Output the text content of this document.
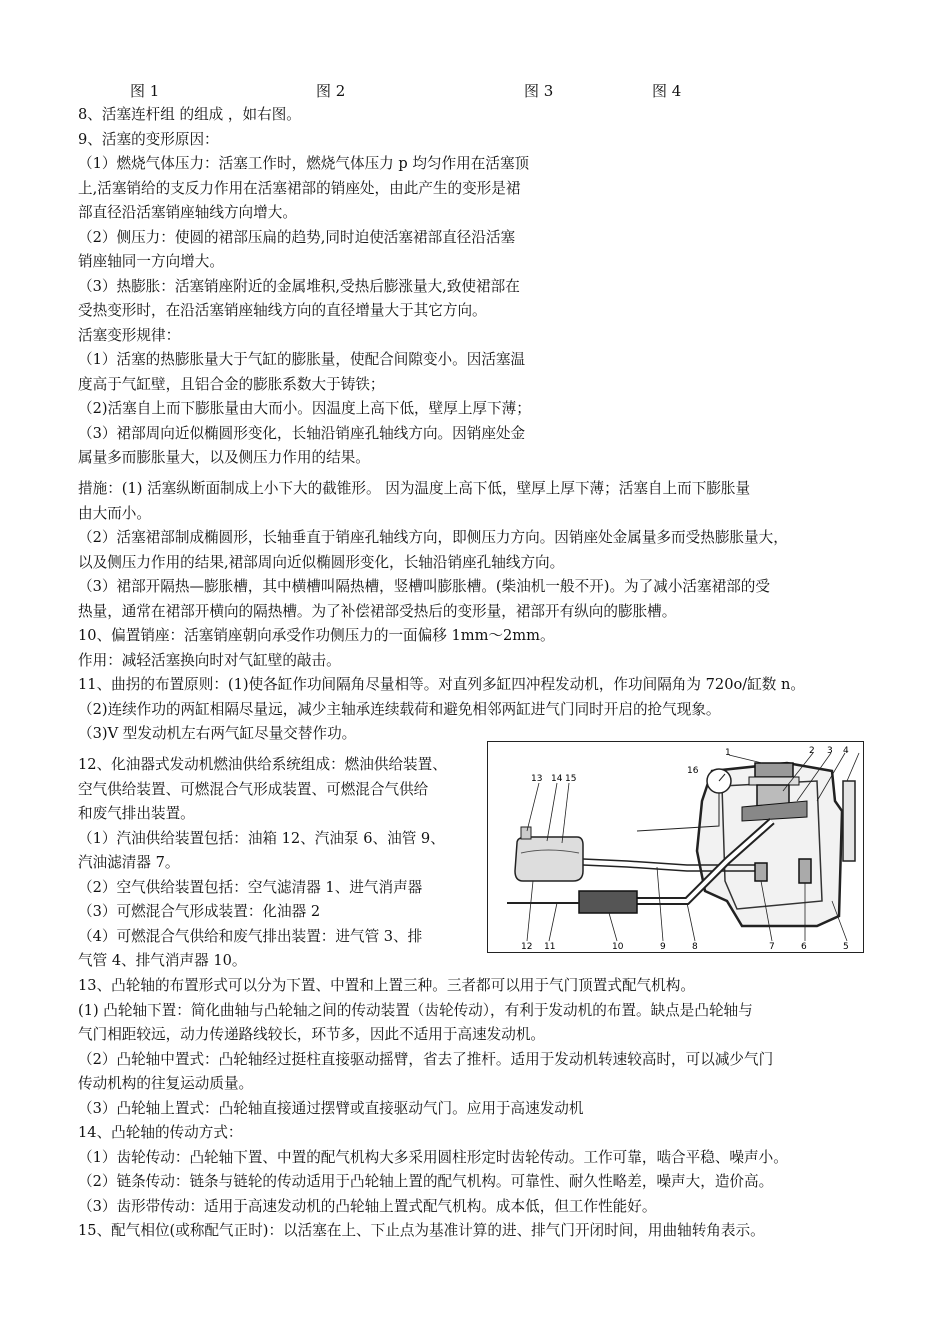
图 1	图 2	图 3	图 4
8、活塞连杆组 的组成 ，如右图。
9、活塞的变形原因：
（1）燃烧气体压力：活塞工作时，燃烧气体压力 p 均匀作用在活塞顶
上,活塞销给的支反力作用在活塞裙部的销座处，由此产生的变形是裙
部直径沿活塞销座轴线方向增大。
（2）侧压力：使圆的裙部压扁的趋势,同时迫使活塞裙部直径沿活塞
销座轴同一方向增大。
（3）热膨胀：活塞销座附近的金属堆积,受热后膨涨量大,致使裙部在
受热变形时，在沿活塞销座轴线方向的直径增量大于其它方向。
活塞变形规律：
（1）活塞的热膨胀量大于气缸的膨胀量，使配合间隙变小。因活塞温
度高于气缸壁，且铝合金的膨胀系数大于铸铁；
（2)活塞自上而下膨胀量由大而小。因温度上高下低，壁厚上厚下薄；
（3）裙部周向近似椭圆形变化，长轴沿销座孔轴线方向。因销座处金
属量多而膨胀量大，以及侧压力作用的结果。
措施：(1) 活塞纵断面制成上小下大的截锥形。 因为温度上高下低，壁厚上厚下薄；活塞自上而下膨胀量
由大而小。
（2）活塞裙部制成椭圆形，长轴垂直于销座孔轴线方向，即侧压力方向。因销座处金属量多而受热膨胀量大，
以及侧压力作用的结果,裙部周向近似椭圆形变化，长轴沿销座孔轴线方向。
（3）裙部开隔热—膨胀槽，其中横槽叫隔热槽，竖槽叫膨胀槽。(柴油机一般不开)。为了减小活塞裙部的受
热量，通常在裙部开横向的隔热槽。为了补偿裙部受热后的变形量，裙部开有纵向的膨胀槽。
10、偏置销座：活塞销座朝向承受作功侧压力的一面偏移 1mm～2mm。
作用：减轻活塞换向时对气缸壁的敲击。
11、曲拐的布置原则：(1)使各缸作功间隔角尽量相等。对直列多缸四冲程发动机，作功间隔角为 720o/缸数 n。
（2)连续作功的两缸相隔尽量远，减少主轴承连续载荷和避免相邻两缸进气门同时开启的抢气现象。
（3)V 型发动机左右两气缸尽量交替作功。
12、化油器式发动机燃油供给系统组成：燃油供给装置、
空气供给装置、可燃混合气形成装置、可燃混合气供给
和废气排出装置。
（1）汽油供给装置包括：油箱 12、汽油泵 6、油管 9、
汽油滤清器 7。
（2）空气供给装置包括：空气滤清器 1、进气消声器
（3）可燃混合气形成装置：化油器 2
（4）可燃混合气供给和废气排出装置：进气管 3、排
气管 4、排气消声器 10。
1	2 3 4
13 14 15
16
5
6
7
8
9
10
11
12
13、凸轮轴的布置形式可以分为下置、中置和上置三种。三者都可以用于气门顶置式配气机构。
(1) 凸轮轴下置：简化曲轴与凸轮轴之间的传动装置（齿轮传动），有利于发动机的布置。缺点是凸轮轴与
气门相距较远，动力传递路线较长，环节多，因此不适用于高速发动机。
（2）凸轮轴中置式：凸轮轴经过挺柱直接驱动摇臂，省去了推杆。适用于发动机转速较高时，可以减少气门
传动机构的往复运动质量。
（3）凸轮轴上置式：凸轮轴直接通过摆臂或直接驱动气门。应用于高速发动机
14、凸轮轴的传动方式：
（1）齿轮传动：凸轮轴下置、中置的配气机构大多采用圆柱形定时齿轮传动。工作可靠，啮合平稳、噪声小。
（2）链条传动：链条与链轮的传动适用于凸轮轴上置的配气机构。可靠性、耐久性略差，噪声大，造价高。
（3）齿形带传动：适用于高速发动机的凸轮轴上置式配气机构。成本低，但工作性能好。
15、配气相位(或称配气正时)：以活塞在上、下止点为基准计算的进、排气门开闭时间，用曲轴转角表示。
